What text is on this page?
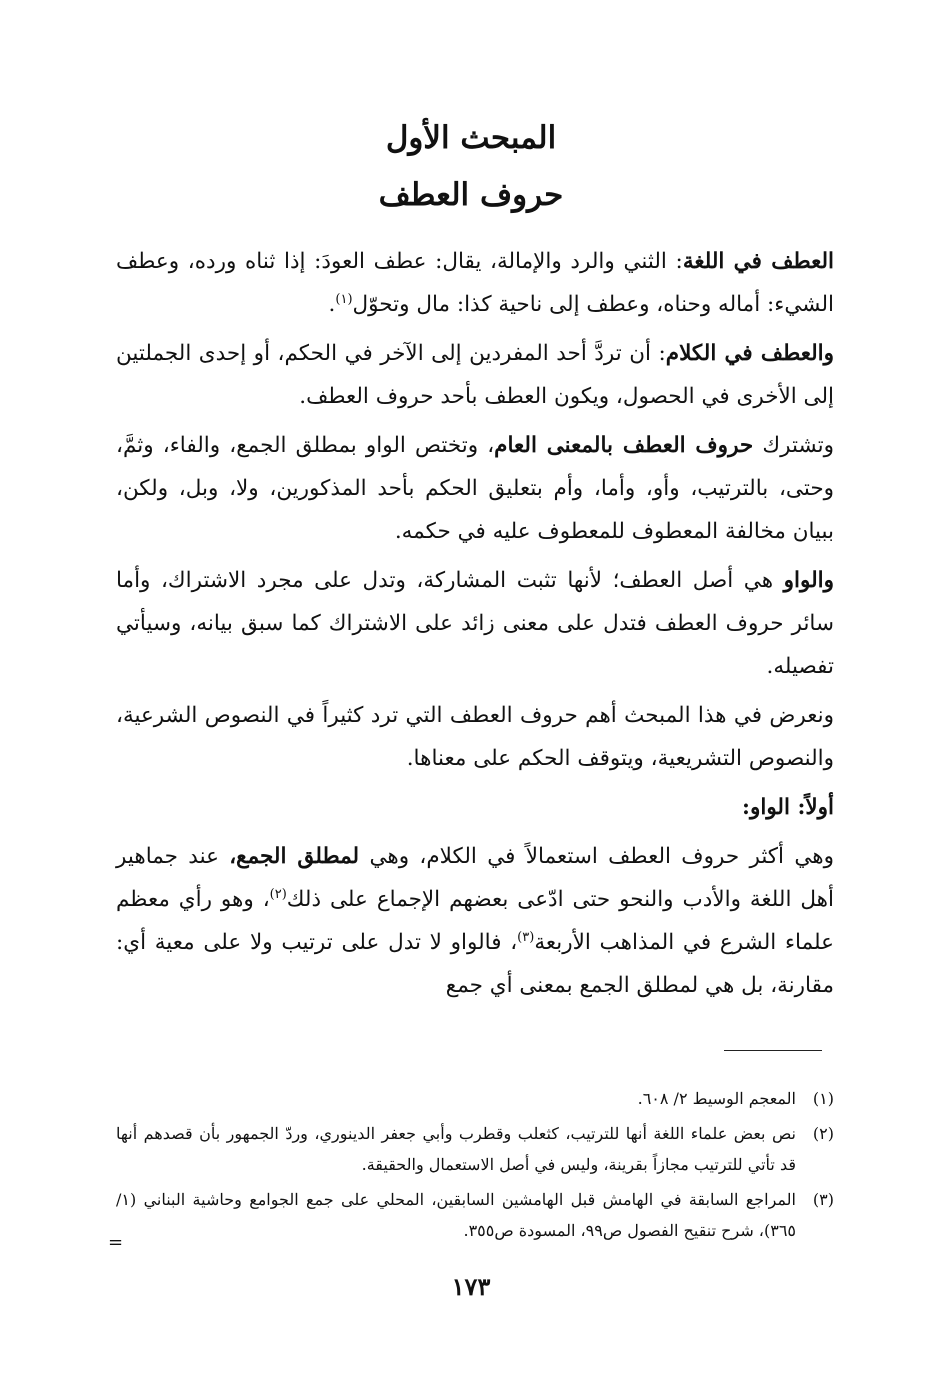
المبحث الأول
حروف العطف

العطف في اللغة: الثني والرد والإمالة، يقال: عطف العودَ: إذا ثناه ورده، وعطف الشيء: أماله وحناه، وعطف إلى ناحية كذا: مال وتحوّل$^{(١)}$.

والعطف في الكلام: أن تردَّ أحد المفردين إلى الآخر في الحكم، أو إحدى الجملتين إلى الأخرى في الحصول، ويكون العطف بأحد حروف العطف.

وتشترك حروف العطف بالمعنى العام، وتختص الواو بمطلق الجمع، والفاء، وثمَّ، وحتى، بالترتيب، وأو، وأما، وأم بتعليق الحكم بأحد المذكورين، ولا، وبل، ولكن، ببيان مخالفة المعطوف للمعطوف عليه في حكمه.

والواو هي أصل العطف؛ لأنها تثبت المشاركة، وتدل على مجرد الاشتراك، وأما سائر حروف العطف فتدل على معنى زائد على الاشتراك كما سبق بيانه، وسيأتي تفصيله.

ونعرض في هذا المبحث أهم حروف العطف التي ترد كثيراً في النصوص الشرعية، والنصوص التشريعية، ويتوقف الحكم على معناها.

أولاً: الواو:

وهي أكثر حروف العطف استعمالاً في الكلام، وهي لمطلق الجمع، عند جماهير أهل اللغة والأدب والنحو حتى ادّعى بعضهم الإجماع على ذلك$^{(٢)}$، وهو رأي معظم علماء الشرع في المذاهب الأربعة$^{(٣)}$، فالواو لا تدل على ترتيب ولا على معية أي: مقارنة، بل هي لمطلق الجمع بمعنى أي جمع

(١)
المعجم الوسيط ٢/ ٦٠٨.
(٢)
نص بعض علماء اللغة أنها للترتيب، كثعلب وقطرب وأبي جعفر الدينوري، وردّ الجمهور بأن قصدهم أنها قد تأتي للترتيب مجازاً بقرينة، وليس في أصل الاستعمال والحقيقة.
(٣)
المراجع السابقة في الهامش قبل الهامشين السابقين، المحلي على جمع الجوامع وحاشية البناني (١/ ٣٦٥)، شرح تنقيح الفصول ص٩٩، المسودة ص٣٥٥.
=
١٧٣
